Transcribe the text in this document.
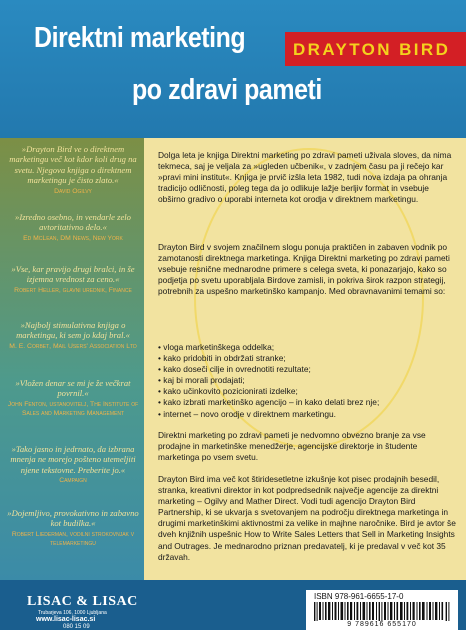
Direktni marketing
po zdravi pameti
DRAYTON BIRD
»Drayton Bird ve o direktnem marketingu več kot kdor koli drug na svetu. Njegova knjiga o direktnem marketingu je čisto zlato.«
David Ogilvy
»Izredno osebno, in vendarle zelo avtoritativno delo.«
Ed McLean, DM News, New York
»Vse, kar pravijo drugi bralci, in še izjemna vrednost za ceno.«
Robert Heller, glavni urednik, Finance
»Najbolj stimulativna knjiga o marketingu, ki sem jo kdaj bral.«
M. E. Corbet, Mail Users' Association Ltd
»Vložen denar se mi je že večkrat povrnil.«
John Fenton, ustanovitelj, The Institute of Sales and Marketing Management
»Tako jasno in jedrnato, da izbrana mnenja ne morejo pošteno utemeljiti njene tekstovne. Preberite jo.«
Campaign
»Dojemljivo, provokativno in zabavno kot budilka.«
Robert Liederman, vodilni strokovnjak v telemarketingu

Dolga leta je knjiga Direktni marketing po zdravi pameti uživala sloves, da nima tekmeca, saj je veljala za »ugleden učbenik«, v zadnjem času pa ji rečejo kar »pravi mini institut«. Knjiga je prvič izšla leta 1982, tudi nova izdaja pa ohranja tradicijo odličnosti, poleg tega da jo odlikuje lažje berljiv format in vsebuje obširno gradivo o uporabi interneta kot orodja v direktnem marketingu.

Drayton Bird v svojem značilnem slogu ponuja praktičen in zabaven vodnik po zamotanosti direktnega marketinga. Knjiga Direktni marketing po zdravi pameti vsebuje resnične mednarodne primere s celega sveta, ki ponazarjajo, kako so podjetja po svetu uporabljala Birdove zamisli, in pokriva širok razpon strategij, potrebnih za uspešno marketinško kampanjo. Med obravnavanimi temami so:

• vloga marketinškega oddelka;
• kako pridobiti in obdržati stranke;
• kako doseči cilje in ovrednotiti rezultate;
• kaj bi morali prodajati;
• kako učinkovito pozicionirati izdelke;
• kako izbrati marketinško agencijo – in kako delati brez nje;
• internet – novo orodje v direktnem marketingu.

Direktni marketing po zdravi pameti je nedvomno obvezno branje za vse prodajne in marketinške menedžerje, agencijske direktorje in študente marketinga po vsem svetu.

Drayton Bird ima več kot štiridesetletne izkušnje kot pisec prodajnih besedil, stranka, kreativni direktor in kot podpredsednik največje agencije za direktni marketing – Ogilvy and Mather Direct. Vodi tudi agencijo Drayton Bird Partnership, ki se ukvarja s svetovanjem na področju direktnega marketinga in drugimi marketinškimi aktivnostmi za velike in majhne naročnike. Bird je avtor še dveh knjižnih uspešnic How to Write Sales Letters that Sell in Marketing Insights and Outrages. Je mednarodno priznan predavatelj, ki je predaval v več kot 35 državah.

LISAC & LISAC
Trubarjeva 106, 1000 Ljubljana
www.lisac-lisac.si
080 15 09
ISBN 978-961-6655-17-0
9 789616 655170
